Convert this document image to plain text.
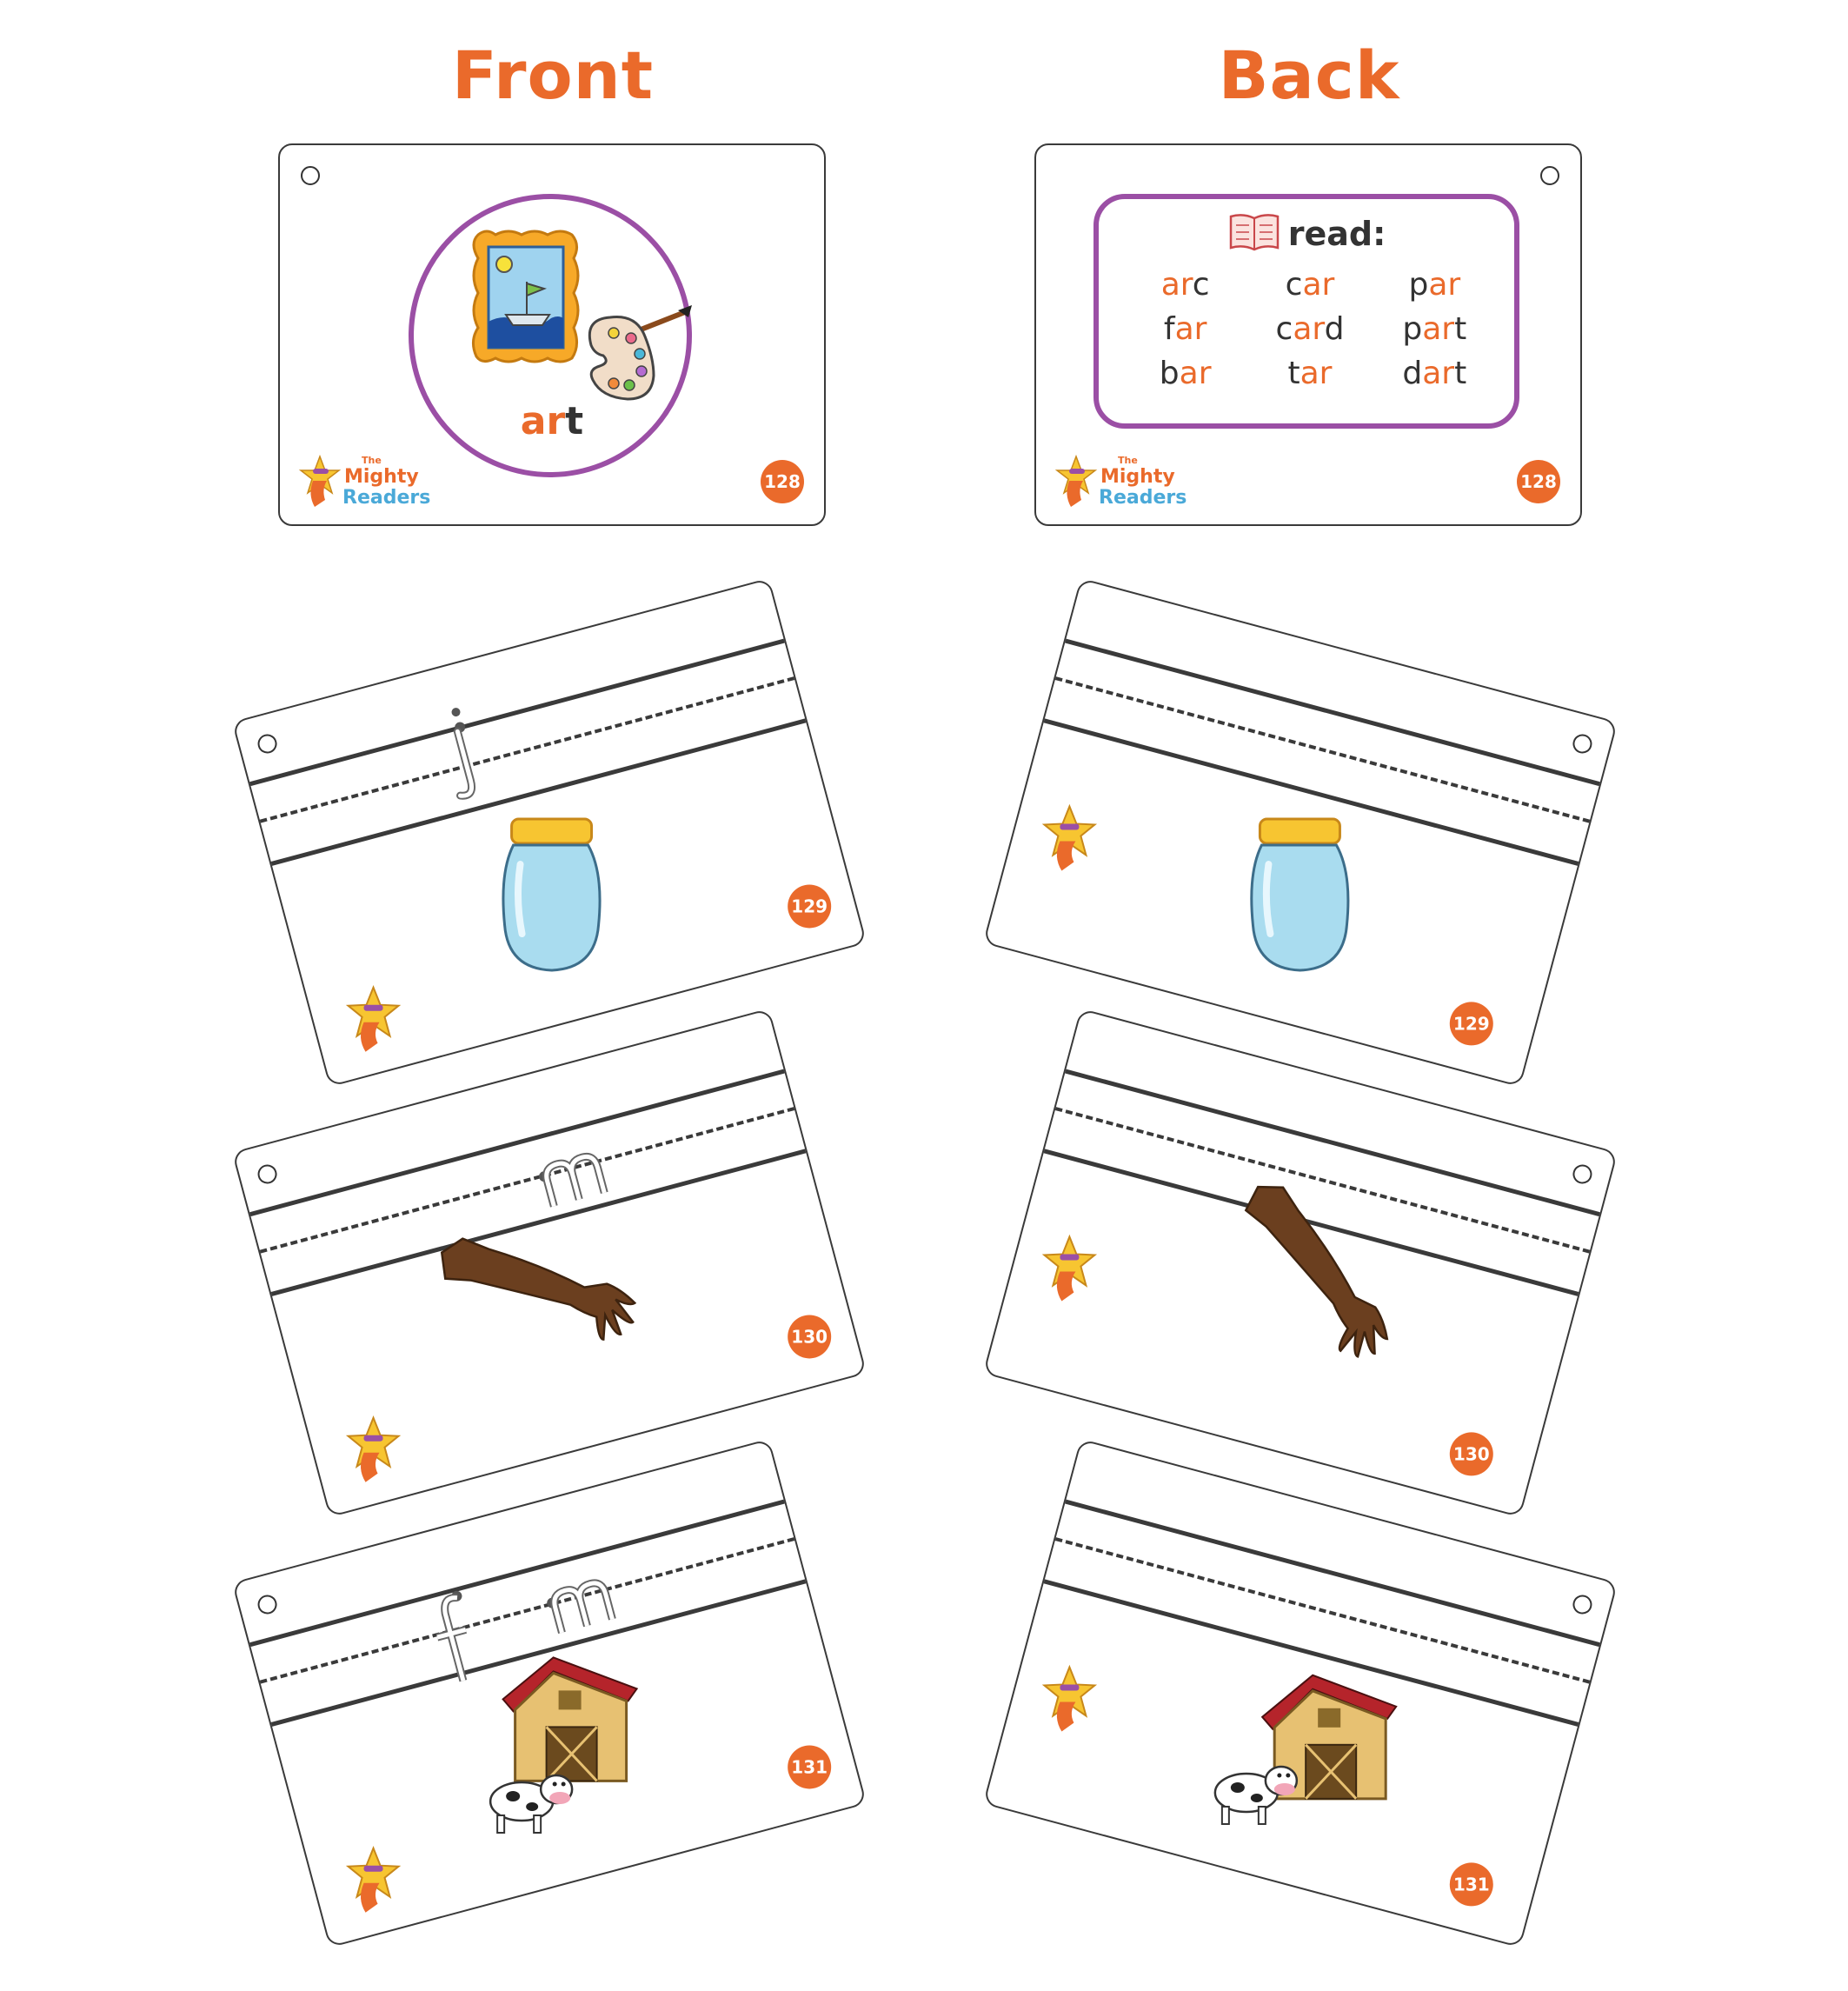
Front	Back
art
The
Mighty
Readers
128
read:
arc	car	par
far	card	part
bar	tar	dart
The
Mighty
Readers
128
129
130
131
129
130
131
